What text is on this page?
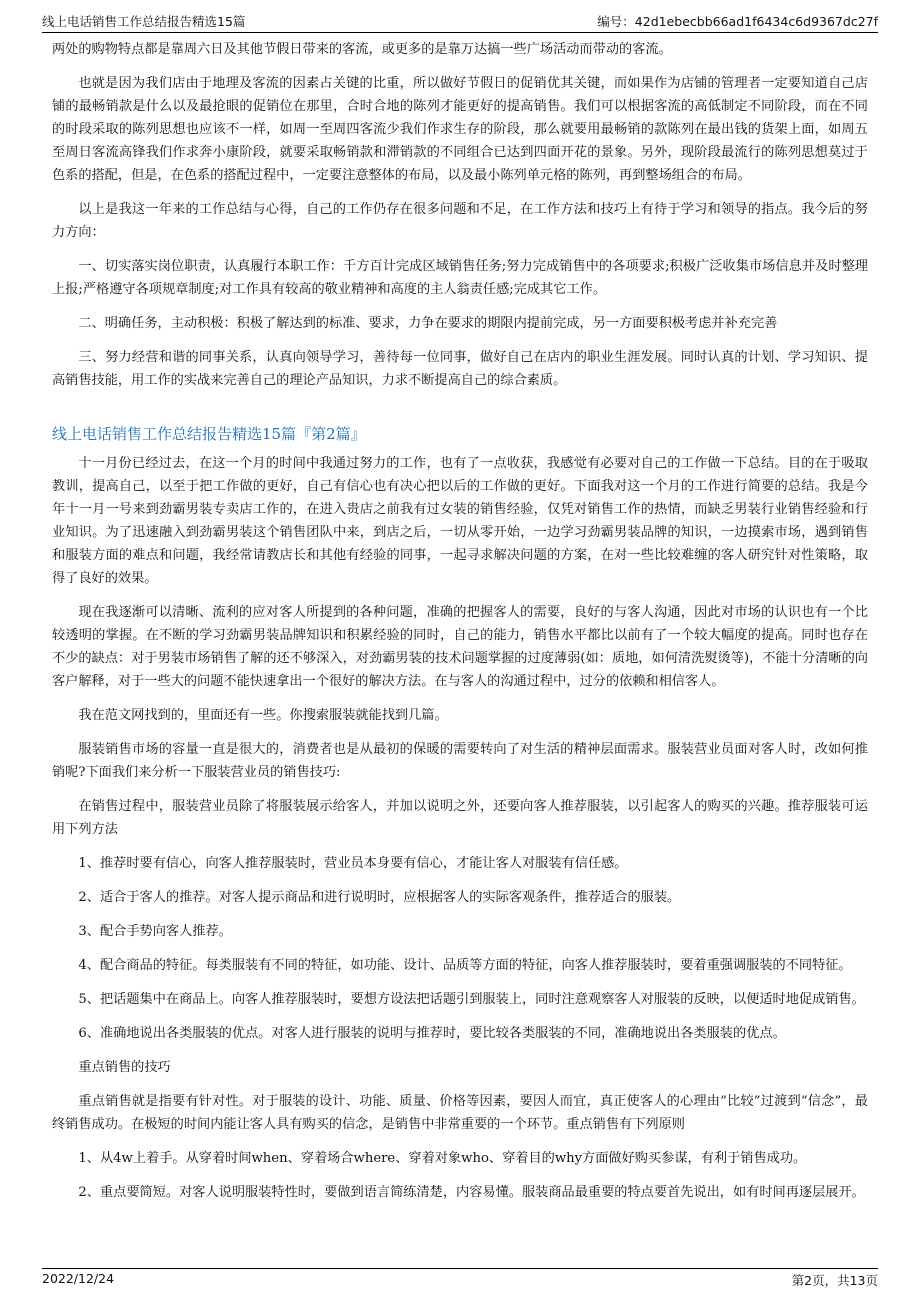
线上电话销售工作总结报告精选15篇	编号：42d1ebecbb66ad1f6434c6d9367dc27f

两处的购物特点都是靠周六日及其他节假日带来的客流，或更多的是靠万达搞一些广场活动而带动的客流。

也就是因为我们店由于地理及客流的因素占关键的比重，所以做好节假日的促销优其关键，而如果作为店铺的管理者一定要知道自己店铺的最畅销款是什么以及最抢眼的促销位在那里，合时合地的陈列才能更好的提高销售。我们可以根据客流的高低制定不同阶段，而在不同的时段采取的陈列思想也应该不一样，如周一至周四客流少我们作求生存的阶段，那么就要用最畅销的款陈列在最出钱的货架上面，如周五至周日客流高锋我们作求奔小康阶段，就要采取畅销款和滞销款的不同组合已达到四面开花的景象。另外，现阶段最流行的陈列思想莫过于色系的搭配，但是，在色系的搭配过程中，一定要注意整体的布局，以及最小陈列单元格的陈列，再到整场组合的布局。

以上是我这一年来的工作总结与心得，自己的工作仍存在很多问题和不足，在工作方法和技巧上有待于学习和领导的指点。我今后的努力方向：

一、切实落实岗位职责，认真履行本职工作：千方百计完成区域销售任务;努力完成销售中的各项要求;积极广泛收集市场信息并及时整理上报;严格遵守各项规章制度;对工作具有较高的敬业精神和高度的主人翁责任感;完成其它工作。

二、明确任务，主动积极：积极了解达到的标准、要求，力争在要求的期限内提前完成，另一方面要积极考虑并补充完善

三、努力经营和谐的同事关系，认真向领导学习，善待每一位同事，做好自己在店内的职业生涯发展。同时认真的计划、学习知识、提高销售技能，用工作的实战来完善自己的理论产品知识，力求不断提高自己的综合素质。

线上电话销售工作总结报告精选15篇『第2篇』

十一月份已经过去，在这一个月的时间中我通过努力的工作，也有了一点收获，我感觉有必要对自己的工作做一下总结。目的在于吸取教训，提高自己，以至于把工作做的更好，自己有信心也有决心把以后的工作做的更好。下面我对这一个月的工作进行简要的总结。我是今年十一月一号来到劲霸男装专卖店工作的，在进入贵店之前我有过女装的销售经验，仅凭对销售工作的热情，而缺乏男装行业销售经验和行业知识。为了迅速融入到劲霸男装这个销售团队中来，到店之后，一切从零开始，一边学习劲霸男装品牌的知识，一边摸索市场，遇到销售和服装方面的难点和问题，我经常请教店长和其他有经验的同事，一起寻求解决问题的方案，在对一些比较难缠的客人研究针对性策略，取得了良好的效果。

现在我逐渐可以清晰、流利的应对客人所提到的各种问题，准确的把握客人的需要，良好的与客人沟通，因此对市场的认识也有一个比较透明的掌握。在不断的学习劲霸男装品牌知识和积累经验的同时，自己的能力，销售水平都比以前有了一个较大幅度的提高。同时也存在不少的缺点：对于男装市场销售了解的还不够深入，对劲霸男装的技术问题掌握的过度薄弱(如：质地，如何清洗熨烫等)，不能十分清晰的向客户解释，对于一些大的问题不能快速拿出一个很好的解决方法。在与客人的沟通过程中，过分的依赖和相信客人。

我在范文网找到的，里面还有一些。你搜索服装就能找到几篇。

服装销售市场的容量一直是很大的，消费者也是从最初的保暖的需要转向了对生活的精神层面需求。服装营业员面对客人时，改如何推销呢?下面我们来分析一下服装营业员的销售技巧:

在销售过程中，服装营业员除了将服装展示给客人，并加以说明之外，还要向客人推荐服装，以引起客人的购买的兴趣。推荐服装可运用下列方法

1、推荐时要有信心，向客人推荐服装时，营业员本身要有信心，才能让客人对服装有信任感。

2、适合于客人的推荐。对客人提示商品和进行说明时，应根据客人的实际客观条件，推荐适合的服装。

3、配合手势向客人推荐。

4、配合商品的特征。每类服装有不同的特征，如功能、设计、品质等方面的特征，向客人推荐服装时，要着重强调服装的不同特征。

5、把话题集中在商品上。向客人推荐服装时，要想方设法把话题引到服装上，同时注意观察客人对服装的反映，以便适时地促成销售。

6、准确地说出各类服装的优点。对客人进行服装的说明与推荐时，要比较各类服装的不同，准确地说出各类服装的优点。

重点销售的技巧

重点销售就是指要有针对性。对于服装的设计、功能、质量、价格等因素，要因人而宜，真正使客人的心理由“比较”过渡到“信念”，最终销售成功。在极短的时间内能让客人具有购买的信念，是销售中非常重要的一个环节。重点销售有下列原则

1、从4w上着手。从穿着时间when、穿着场合where、穿着对象who、穿着目的why方面做好购买参谋，有利于销售成功。

2、重点要简短。对客人说明服装特性时，要做到语言简练清楚，内容易懂。服装商品最重要的特点要首先说出，如有时间再逐层展开。

2022/12/24	第2页，共13页
